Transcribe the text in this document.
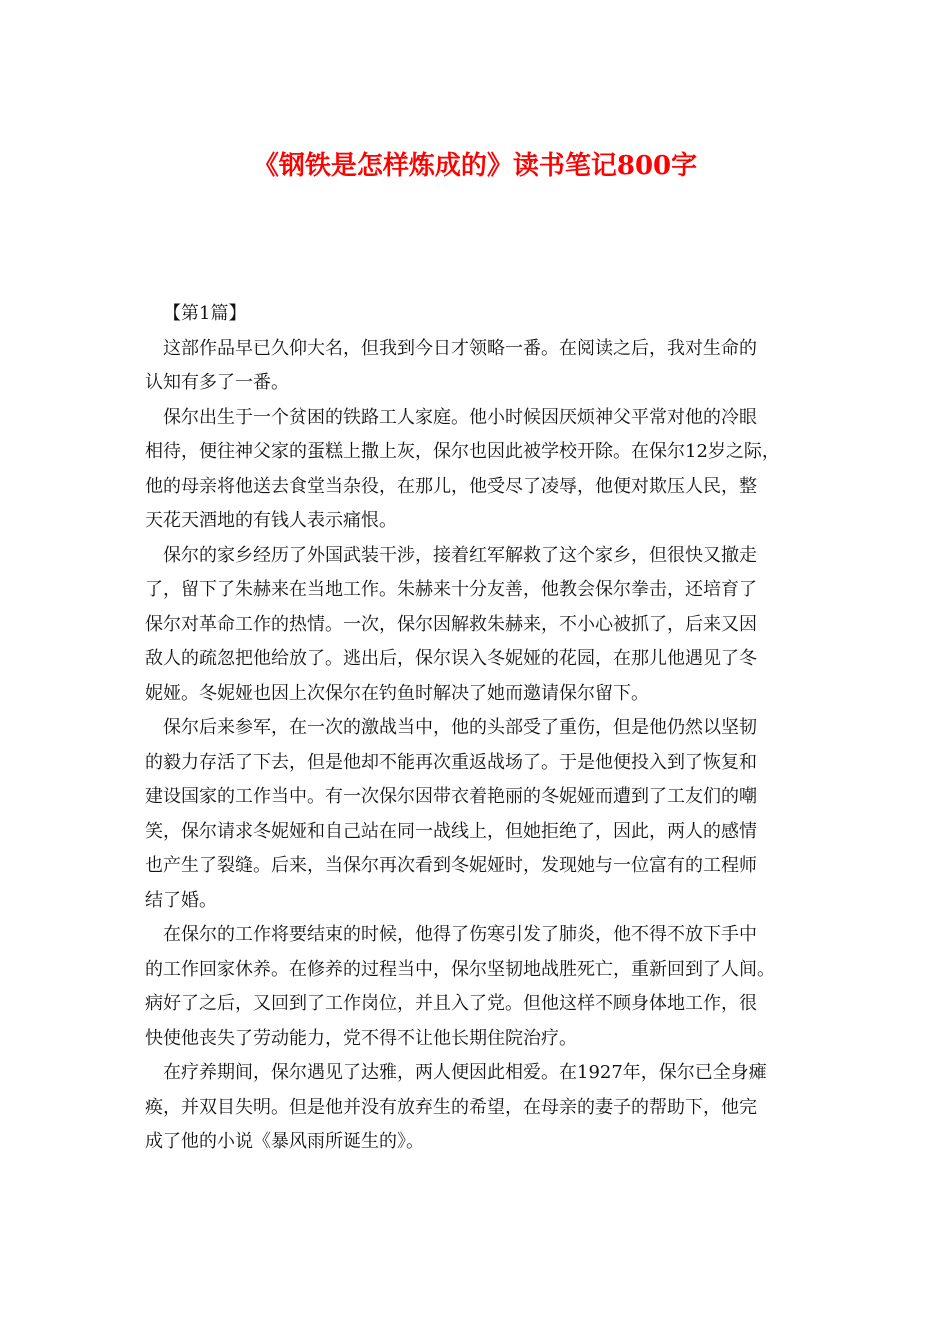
《钢铁是怎样炼成的》读书笔记800字

【第1篇】

这部作品早已久仰大名，但我到今日才领略一番。在阅读之后，我对生命的
认知有多了一番。

保尔出生于一个贫困的铁路工人家庭。他小时候因厌烦神父平常对他的冷眼
相待，便往神父家的蛋糕上撒上灰，保尔也因此被学校开除。在保尔12岁之际，
他的母亲将他送去食堂当杂役，在那儿，他受尽了凌辱，他便对欺压人民，整
天花天酒地的有钱人表示痛恨。

保尔的家乡经历了外国武装干涉，接着红军解救了这个家乡，但很快又撤走
了，留下了朱赫来在当地工作。朱赫来十分友善，他教会保尔拳击，还培育了
保尔对革命工作的热情。一次，保尔因解救朱赫来，不小心被抓了，后来又因
敌人的疏忽把他给放了。逃出后，保尔误入冬妮娅的花园，在那儿他遇见了冬
妮娅。冬妮娅也因上次保尔在钓鱼时解决了她而邀请保尔留下。

保尔后来参军，在一次的激战当中，他的头部受了重伤，但是他仍然以坚韧
的毅力存活了下去，但是他却不能再次重返战场了。于是他便投入到了恢复和
建设国家的工作当中。有一次保尔因带衣着艳丽的冬妮娅而遭到了工友们的嘲
笑，保尔请求冬妮娅和自己站在同一战线上，但她拒绝了，因此，两人的感情
也产生了裂缝。后来，当保尔再次看到冬妮娅时，发现她与一位富有的工程师
结了婚。

在保尔的工作将要结束的时候，他得了伤寒引发了肺炎，他不得不放下手中
的工作回家休养。在修养的过程当中，保尔坚韧地战胜死亡，重新回到了人间。
病好了之后，又回到了工作岗位，并且入了党。但他这样不顾身体地工作，很
快使他丧失了劳动能力，党不得不让他长期住院治疗。

在疗养期间，保尔遇见了达雅，两人便因此相爱。在1927年，保尔已全身瘫
痪，并双目失明。但是他并没有放弃生的希望，在母亲的妻子的帮助下，他完
成了他的小说《暴风雨所诞生的》。
